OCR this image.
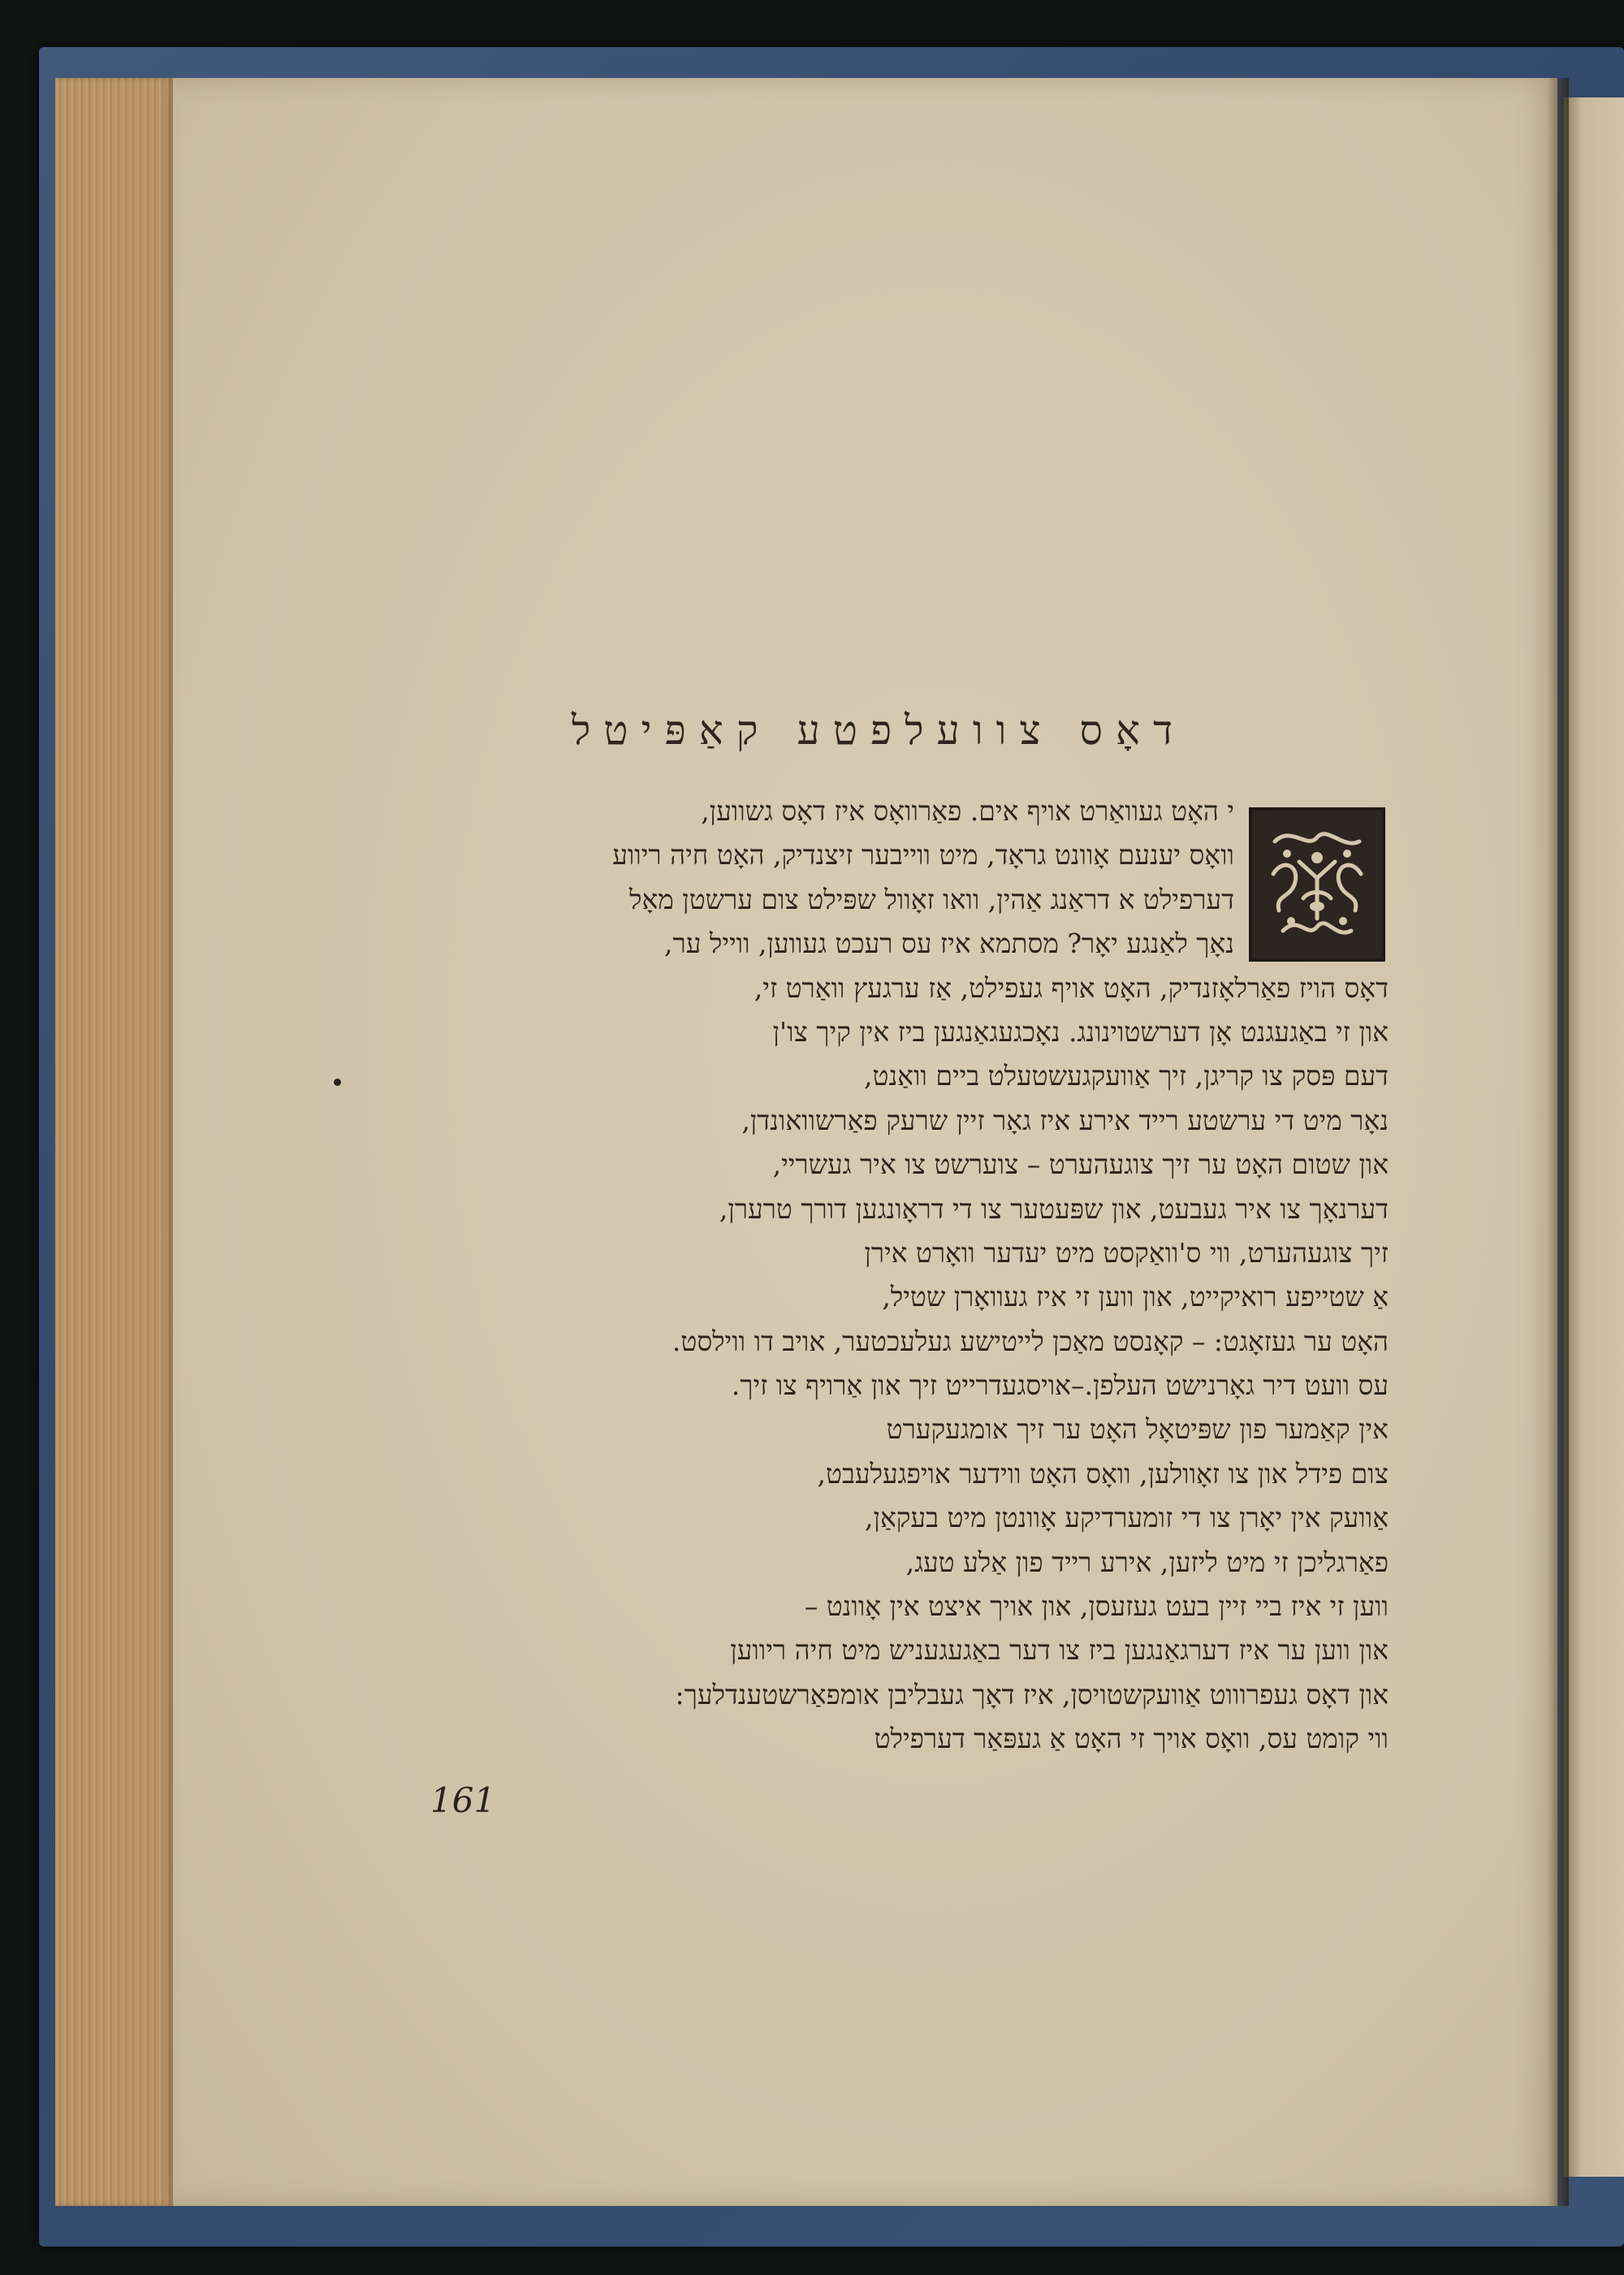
דאָס צוועלפטע קאַפּיטל
י האָט געוואַרט אויף אים. פאַרוואָס איז דאָס גשווען,
וואָס יענעם אָוונט גראָד, מיט ווייבער זיצנדיק, האָט חיה ריווע
דערפילט א דראַנג אַהין, וואו זאָוול שפּילט צום ערשטן מאָל
נאָך לאַנגע יאָר? מסתמא איז עס רעכט געווען, ווייל ער,
דאָס הויז פאַרלאָזנדיק, האָט אויף געפילט, אַז ערגעץ וואַרט זי,
און זי באַגעגנט אָן דערשטוינונג. נאָכגעגאַנגען ביז אין קיך צו'ן
דעם פּסק צו קריגן, זיך אַוועקגעשטעלט ביים וואַנט,
נאָר מיט די ערשטע רייד אירע איז גאָר זיין שרעק פאַרשוואונדן,
און שטום האָט ער זיך צוגעהערט – צוערשט צו איר געשריי,
דערנאָך צו איר געבעט, און שפּעטער צו די דראָונגען דורך טרערן,
זיך צוגעהערט, ווי ס'וואַקסט מיט יעדער וואָרט אירן
אַ שטייפע רואיקייט, און ווען זי איז געוואָרן שטיל,
האָט ער געזאָגט: – קאָנסט מאַכן לייטישע געלעכטער, אויב דו ווילסט.
עס וועט דיר גאָרנישט העלפן.–אויסגעדרייט זיך און אַרויף צו זיך.
אין קאַמער פון שפּיטאָל האָט ער זיך אומגעקערט
צום פידל און צו זאָוולען, וואָס האָט ווידער אויפגעלעבט,
אַוועק אין יאָרן צו די זומערדיקע אָוונטן מיט בעקאַן,
פאַרגליכן זי מיט ליזען, אירע רייד פון אַלע טעג,
ווען זי איז ביי זיין בעט געזעסן, און אויך איצט אין אָוונט –
און ווען ער איז דערגאַנגען ביז צו דער באַגעגעניש מיט חיה ריווען
און דאָס געפרוווט אַוועקשטויסן, איז דאָך געבליבן אומפאַרשטענדלעך:
ווי קומט עס, וואָס אויך זי האָט אַ געפּאַר דערפילט
161
